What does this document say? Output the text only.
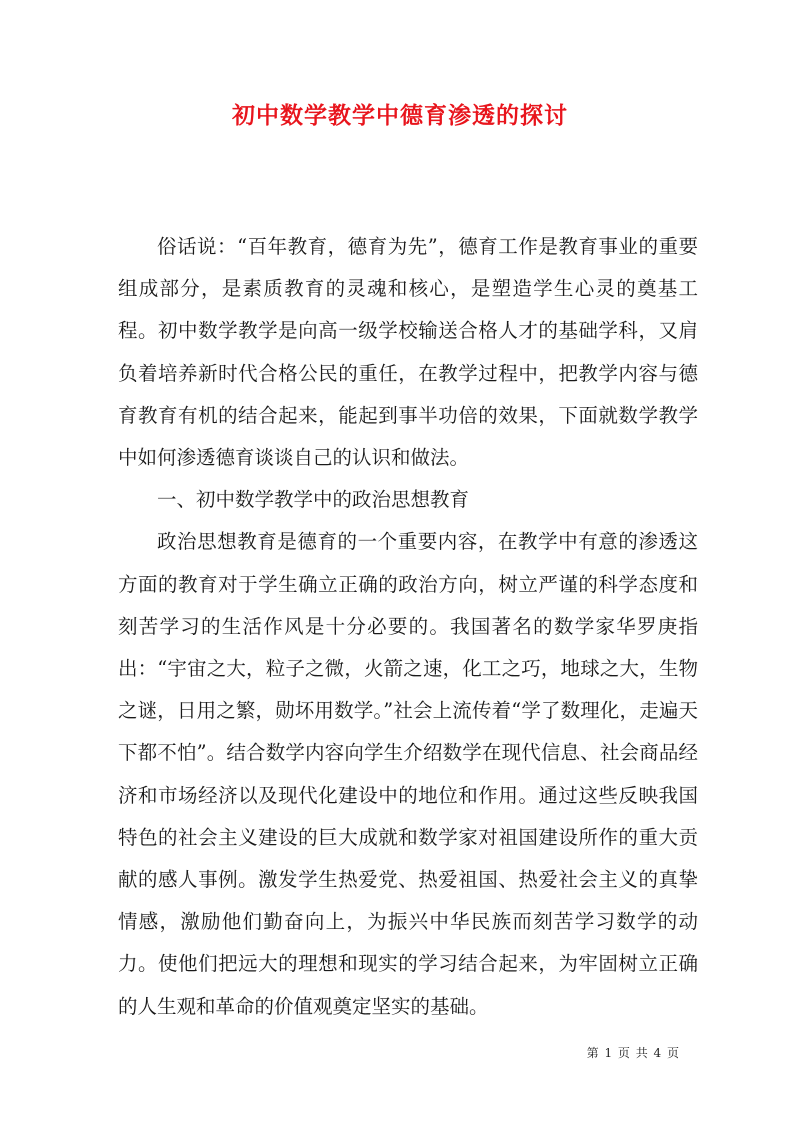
初中数学教学中德育渗透的探讨

俗话说：“百年教育，德育为先”，德育工作是教育事业的重要组成部分，是素质教育的灵魂和核心，是塑造学生心灵的奠基工程。初中数学教学是向高一级学校输送合格人才的基础学科，又肩负着培养新时代合格公民的重任，在教学过程中，把教学内容与德育教育有机的结合起来，能起到事半功倍的效果，下面就数学教学中如何渗透德育谈谈自己的认识和做法。

一、初中数学教学中的政治思想教育

政治思想教育是德育的一个重要内容，在教学中有意的渗透这方面的教育对于学生确立正确的政治方向，树立严谨的科学态度和刻苦学习的生活作风是十分必要的。我国著名的数学家华罗庚指出：“宇宙之大，粒子之微，火箭之速，化工之巧，地球之大，生物之谜，日用之繁，勋坏用数学。”社会上流传着“学了数理化，走遍天下都不怕”。结合数学内容向学生介绍数学在现代信息、社会商品经济和市场经济以及现代化建设中的地位和作用。通过这些反映我国特色的社会主义建设的巨大成就和数学家对祖国建设所作的重大贡献的感人事例。激发学生热爱党、热爱祖国、热爱社会主义的真挚情感，激励他们勤奋向上，为振兴中华民族而刻苦学习数学的动力。使他们把远大的理想和现实的学习结合起来，为牢固树立正确的人生观和革命的价值观奠定坚实的基础。

第 1 页 共 4 页
